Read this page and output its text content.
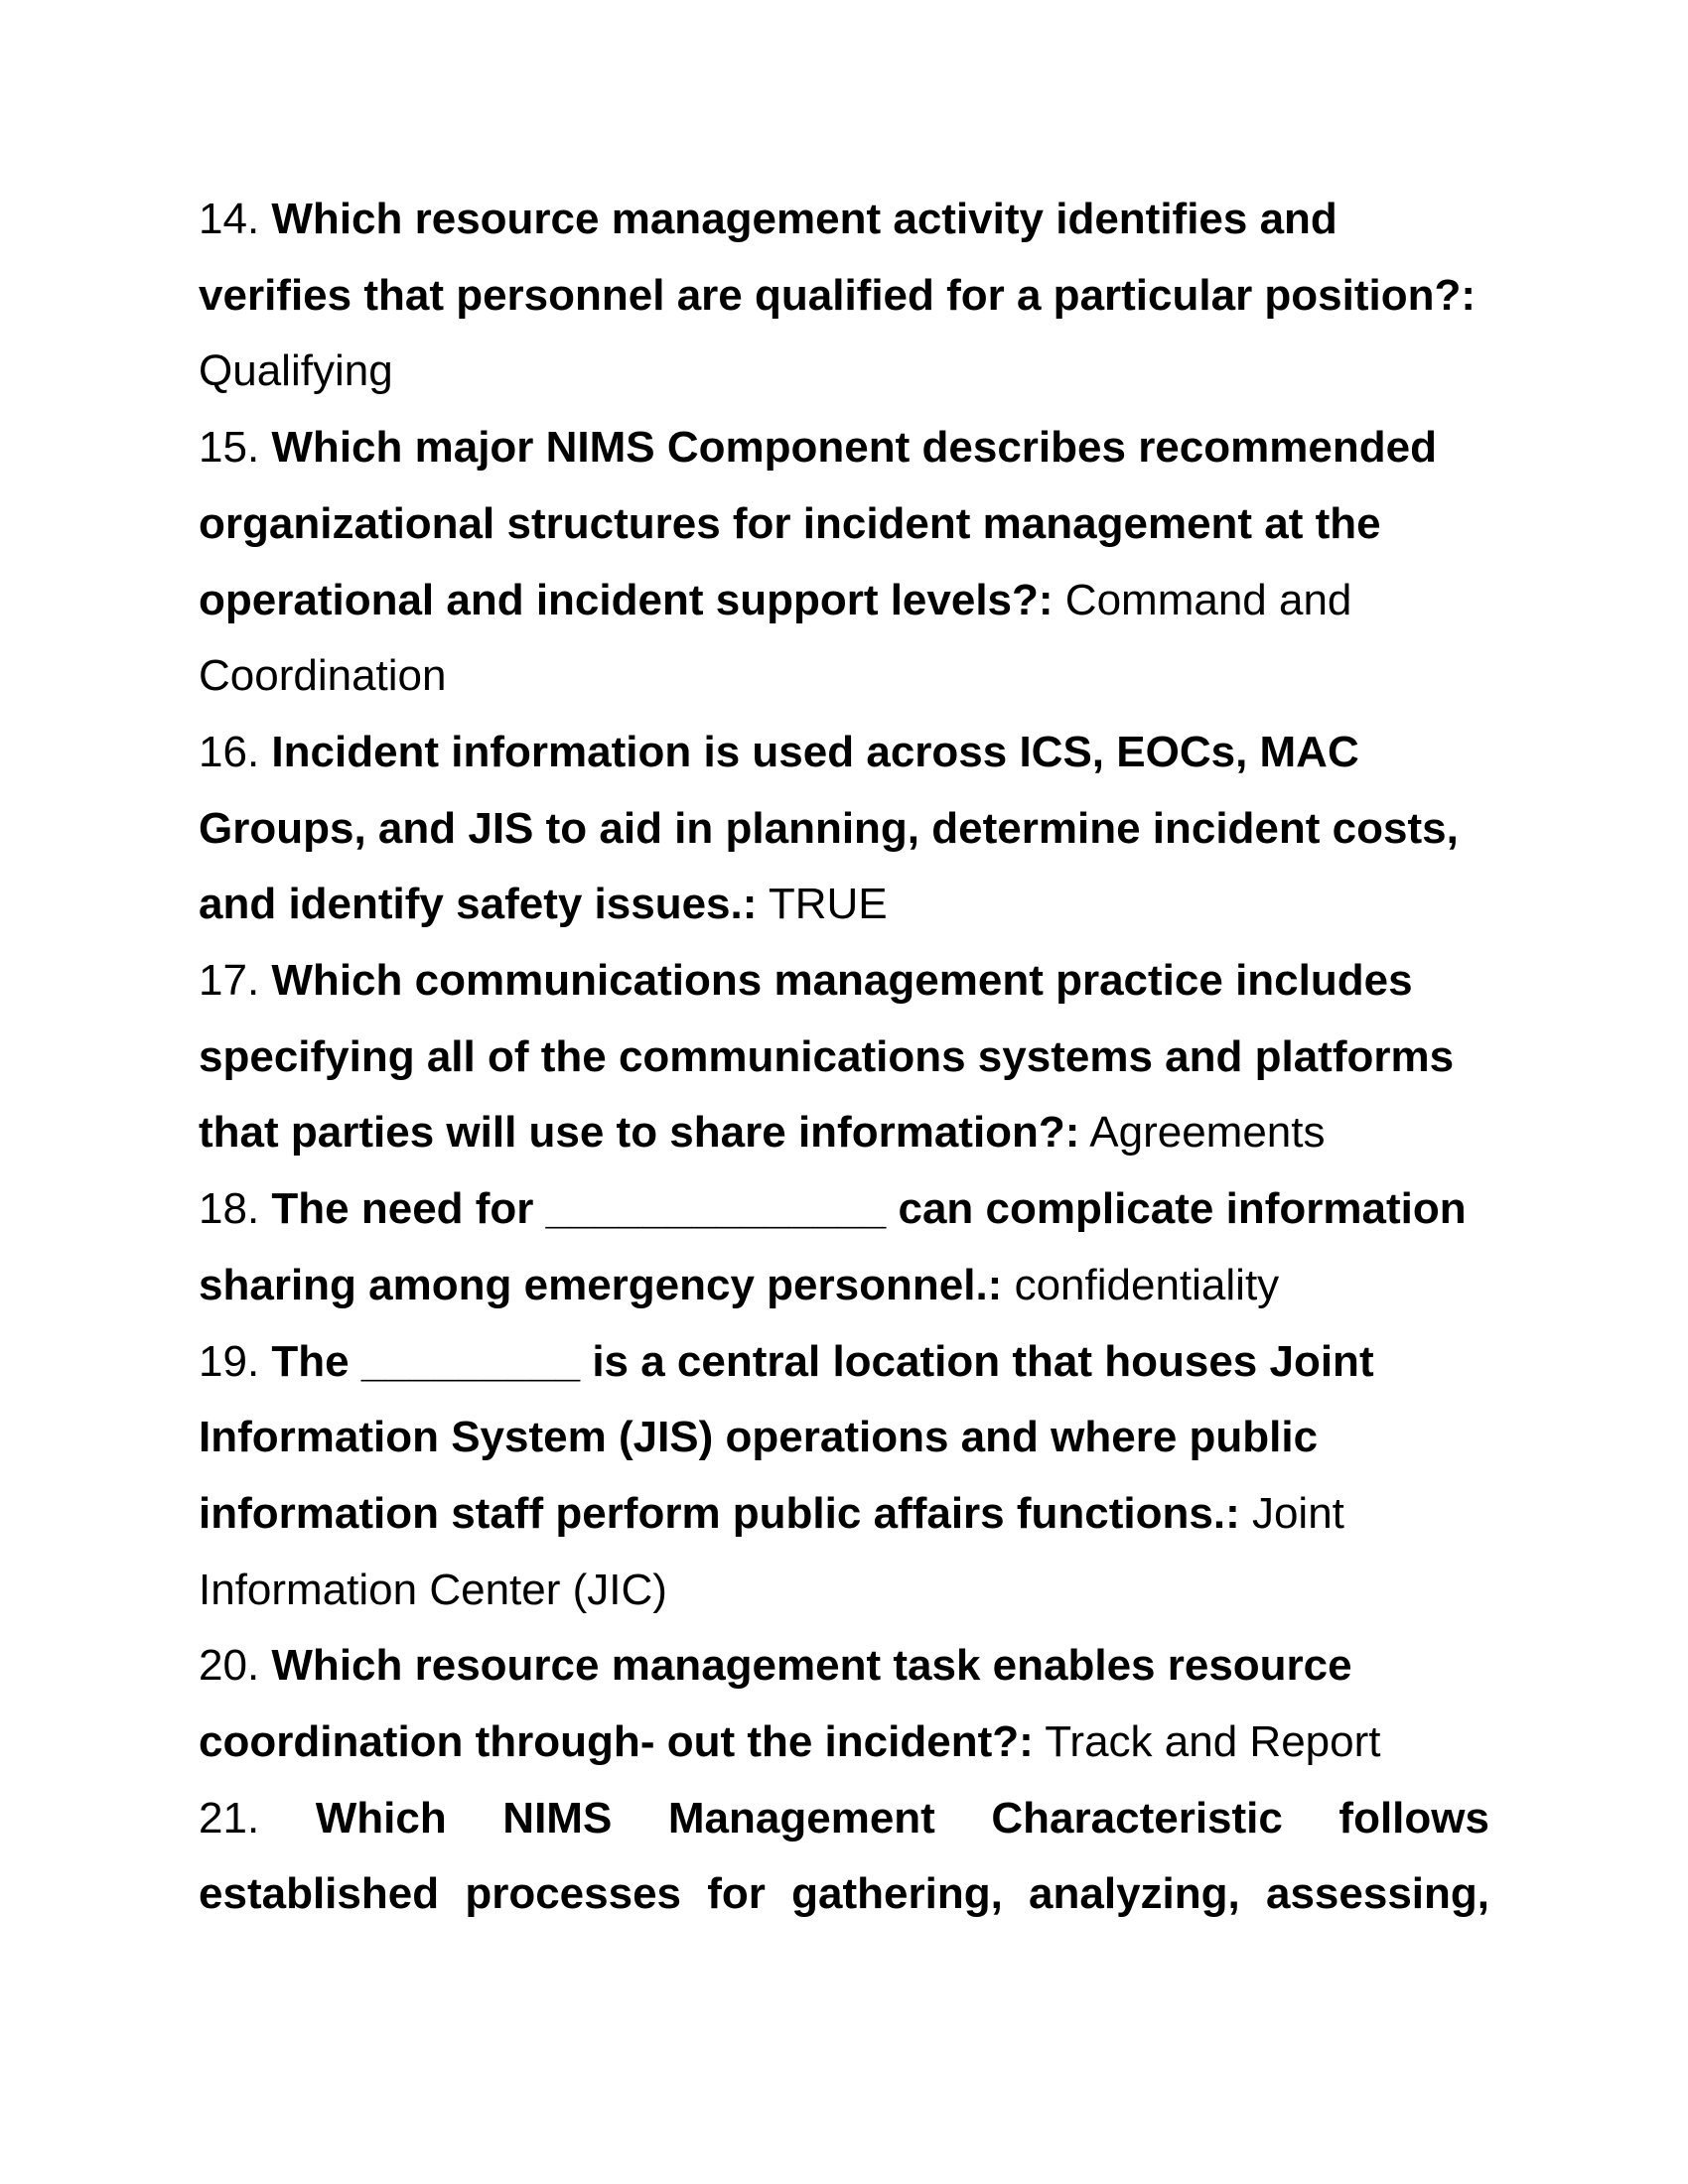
14. Which resource management activity identifies and verifies that personnel are qualified for a particular position?: Qualifying

15. Which major NIMS Component describes recommended organizational structures for incident management at the operational and incident support levels?: Command and Coordination

16. Incident information is used across ICS, EOCs, MAC Groups, and JIS to aid in planning, determine incident costs, and identify safety issues.: TRUE

17. Which communications management practice includes specifying all of the communications systems and platforms that parties will use to share information?: Agreements

18. The need for ______________ can complicate information sharing among emergency personnel.: confidentiality

19. The _________ is a central location that houses Joint Information System (JIS) operations and where public information staff perform public affairs functions.: Joint Information Center (JIC)

20. Which resource management task enables resource coordination through- out the incident?: Track and Report

21. Which NIMS Management Characteristic follows established processes for gathering, analyzing, assessing,
